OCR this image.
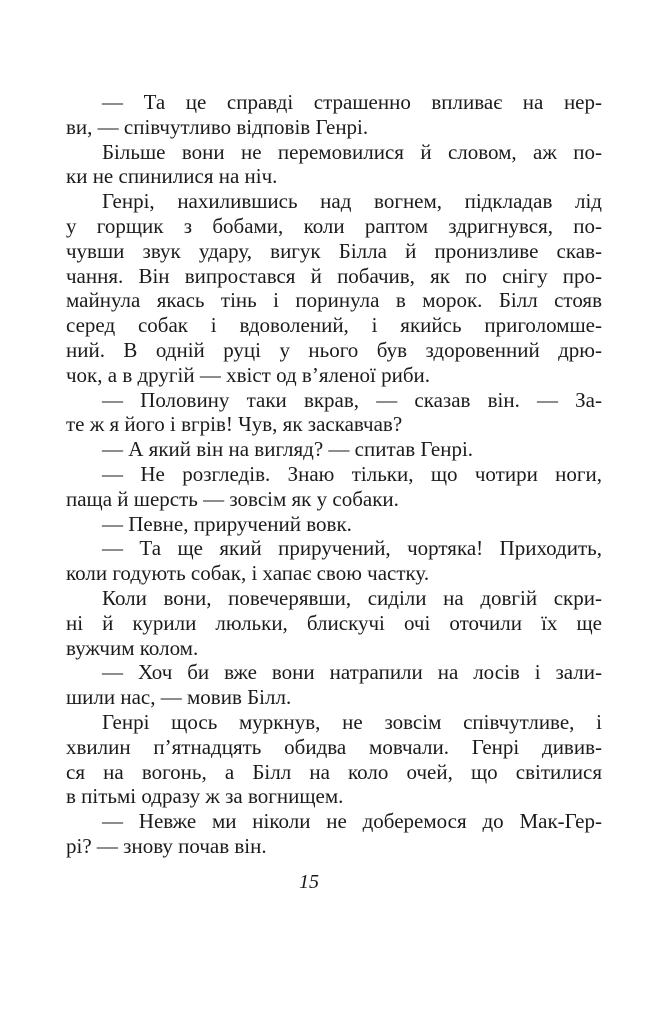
— Та це справді страшенно впливає на нер-
ви, — співчутливо відповів Генрі.
Більше вони не перемовилися й словом, аж по-
ки не спинилися на ніч.
Генрі, нахилившись над вогнем, підкладав лід
у горщик з бобами, коли раптом здригнувся, по-
чувши звук удару, вигук Білла й пронизливе скав-
чання. Він випростався й побачив, як по снігу про-
майнула якась тінь і поринула в морок. Білл стояв
серед собак і вдоволений, і якийсь приголомше-
ний. В одній руці у нього був здоровенний дрю-
чок, а в другій — хвіст од в’яленої риби.
— Половину таки вкрав, — сказав він. — За-
те ж я його і вгрів! Чув, як заскавчав?
— А який він на вигляд? — спитав Генрі.
— Не розгледів. Знаю тільки, що чотири ноги,
паща й шерсть — зовсім як у собаки.
— Певне, приручений вовк.
— Та ще який приручений, чортяка! Приходить,
коли годують собак, і хапає свою частку.
Коли вони, повечерявши, сиділи на довгій скри-
ні й курили люльки, блискучі очі оточили їх ще
вужчим колом.
— Хоч би вже вони натрапили на лосів і зали-
шили нас, — мовив Білл.
Генрі щось муркнув, не зовсім співчутливе, і
хвилин п’ятнадцять обидва мовчали. Генрі дивив-
ся на вогонь, а Білл на коло очей, що світилися
в пітьмі одразу ж за вогнищем.
— Невже ми ніколи не доберемося до Мак-Гер-
рі? — знову почав він.
15
